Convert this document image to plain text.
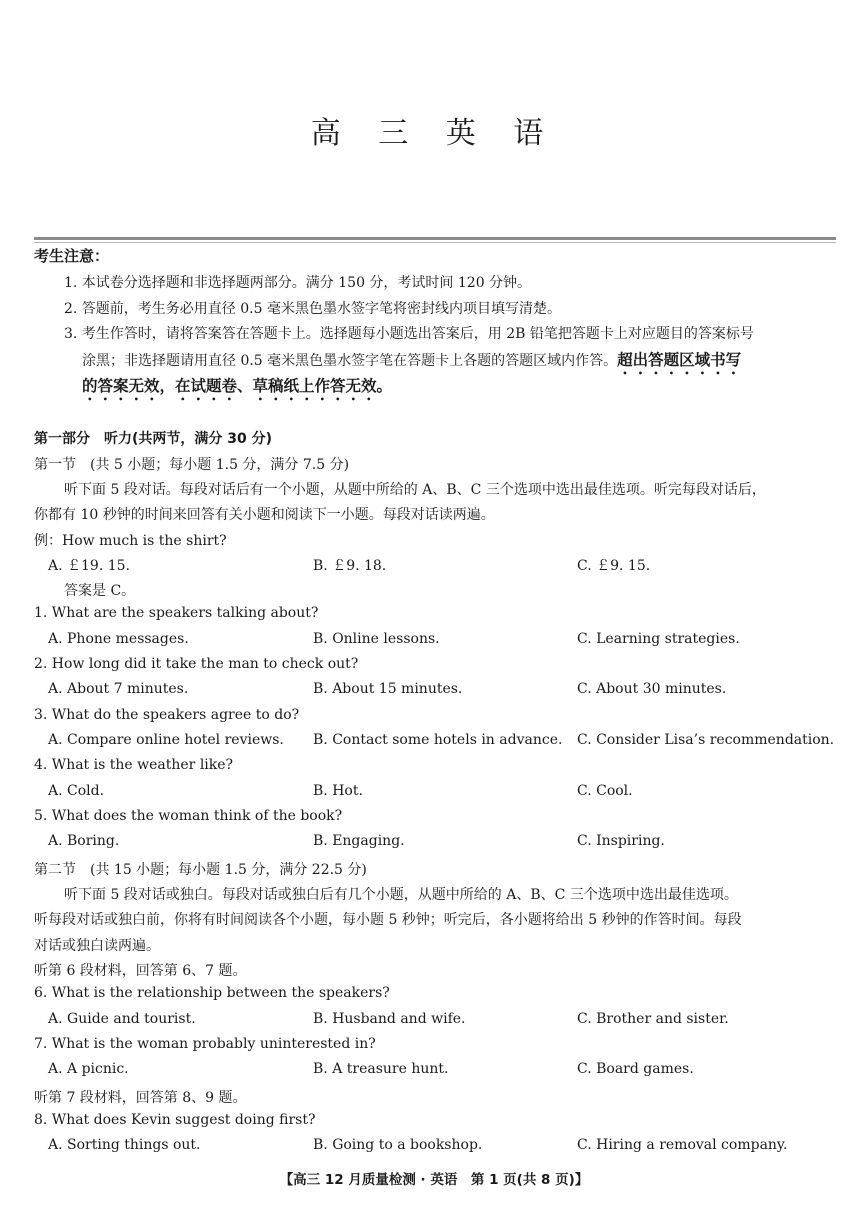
高 三 英 语
考生注意：
1. 本试卷分选择题和非选择题两部分。满分 150 分，考试时间 120 分钟。
2. 答题前，考生务必用直径 0.5 毫米黑色墨水签字笔将密封线内项目填写清楚。
3. 考生作答时，请将答案答在答题卡上。选择题每小题选出答案后，用 2B 铅笔把答题卡上对应题目的答案标号
涂黑；非选择题请用直径 0.5 毫米黑色墨水签字笔在答题卡上各题的答题区域内作答。超出答题区域书写
的答案无效，在试题卷、草稿纸上作答无效。
第一部分　听力(共两节，满分 30 分)
第一节　(共 5 小题；每小题 1.5 分，满分 7.5 分)
听下面 5 段对话。每段对话后有一个小题，从题中所给的 A、B、C 三个选项中选出最佳选项。听完每段对话后，
你都有 10 秒钟的时间来回答有关小题和阅读下一小题。每段对话读两遍。
例：How much is the shirt?
A. ￡19. 15.	B. ￡9. 18.	C. ￡9. 15.
答案是 C。
1. What are the speakers talking about?
A. Phone messages.	B. Online lessons.	C. Learning strategies.
2. How long did it take the man to check out?
A. About 7 minutes.	B. About 15 minutes.	C. About 30 minutes.
3. What do the speakers agree to do?
A. Compare online hotel reviews. B. Contact some hotels in advance. C. Consider Lisa’s recommendation.
4. What is the weather like?
A. Cold.	B. Hot.	C. Cool.
5. What does the woman think of the book?
A. Boring.	B. Engaging.	C. Inspiring.
第二节　(共 15 小题；每小题 1.5 分，满分 22.5 分)
听下面 5 段对话或独白。每段对话或独白后有几个小题，从题中所给的 A、B、C 三个选项中选出最佳选项。
听每段对话或独白前，你将有时间阅读各个小题，每小题 5 秒钟；听完后，各小题将给出 5 秒钟的作答时间。每段
对话或独白读两遍。
听第 6 段材料，回答第 6、7 题。
6. What is the relationship between the speakers?
A. Guide and tourist.	B. Husband and wife.	C. Brother and sister.
7. What is the woman probably uninterested in?
A. A picnic.	B. A treasure hunt.	C. Board games.
听第 7 段材料，回答第 8、9 题。
8. What does Kevin suggest doing first?
A. Sorting things out.	B. Going to a bookshop.	C. Hiring a removal company.
【高三 12 月质量检测 · 英语　第 1 页(共 8 页)】
